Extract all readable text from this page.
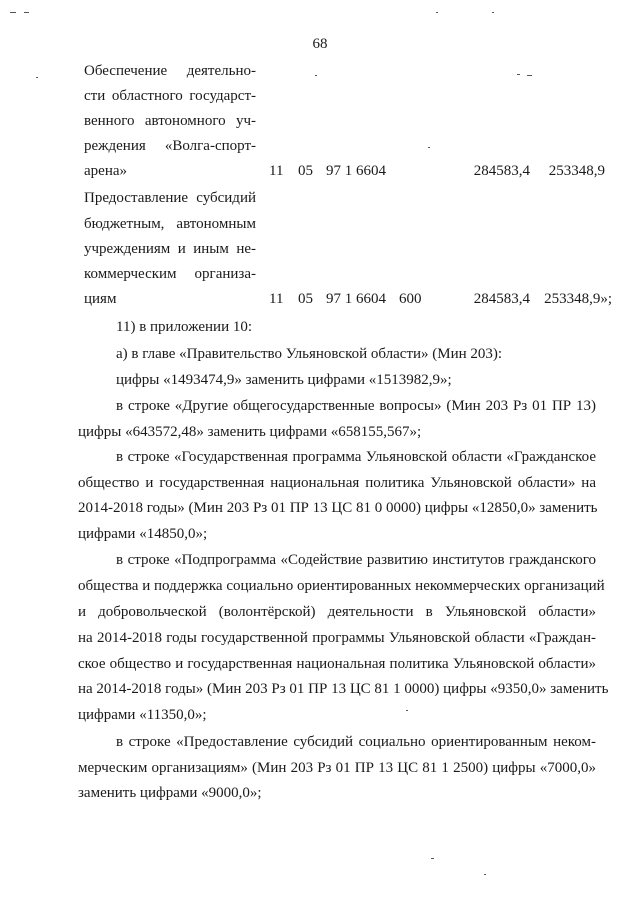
68
Обеспечение деятельно-
сти областного государст-
венного автономного уч-
реждения «Волга-спорт-
арена»	11 05 97 1 6604	284583,4 253348,9
Предоставление субсидий
бюджетным, автономным
учреждениям и иным не-
коммерческим организа-
циям	11 05 97 1 6604 600	284583,4 253348,9»;
11) в приложении 10:
а) в главе «Правительство Ульяновской области» (Мин 203):
цифры «1493474,9» заменить цифрами «1513982,9»;
в строке «Другие общегосударственные вопросы» (Мин 203 Рз 01 ПР 13)
цифры «643572,48» заменить цифрами «658155,567»;
в строке «Государственная программа Ульяновской области «Гражданское
общество и государственная национальная политика Ульяновской области» на
2014-2018 годы» (Мин 203 Рз 01 ПР 13 ЦС 81 0 0000) цифры «12850,0» заменить
цифрами «14850,0»;
в строке «Подпрограмма «Содействие развитию институтов гражданского
общества и поддержка социально ориентированных некоммерческих организаций
и добровольческой (волонтёрской) деятельности в Ульяновской области»
на 2014-2018 годы государственной программы Ульяновской области «Граждан-
ское общество и государственная национальная политика Ульяновской области»
на 2014-2018 годы» (Мин 203 Рз 01 ПР 13 ЦС 81 1 0000) цифры «9350,0» заменить
цифрами «11350,0»;
в строке «Предоставление субсидий социально ориентированным неком-
мерческим организациям» (Мин 203 Рз 01 ПР 13 ЦС 81 1 2500) цифры «7000,0»
заменить цифрами «9000,0»;
